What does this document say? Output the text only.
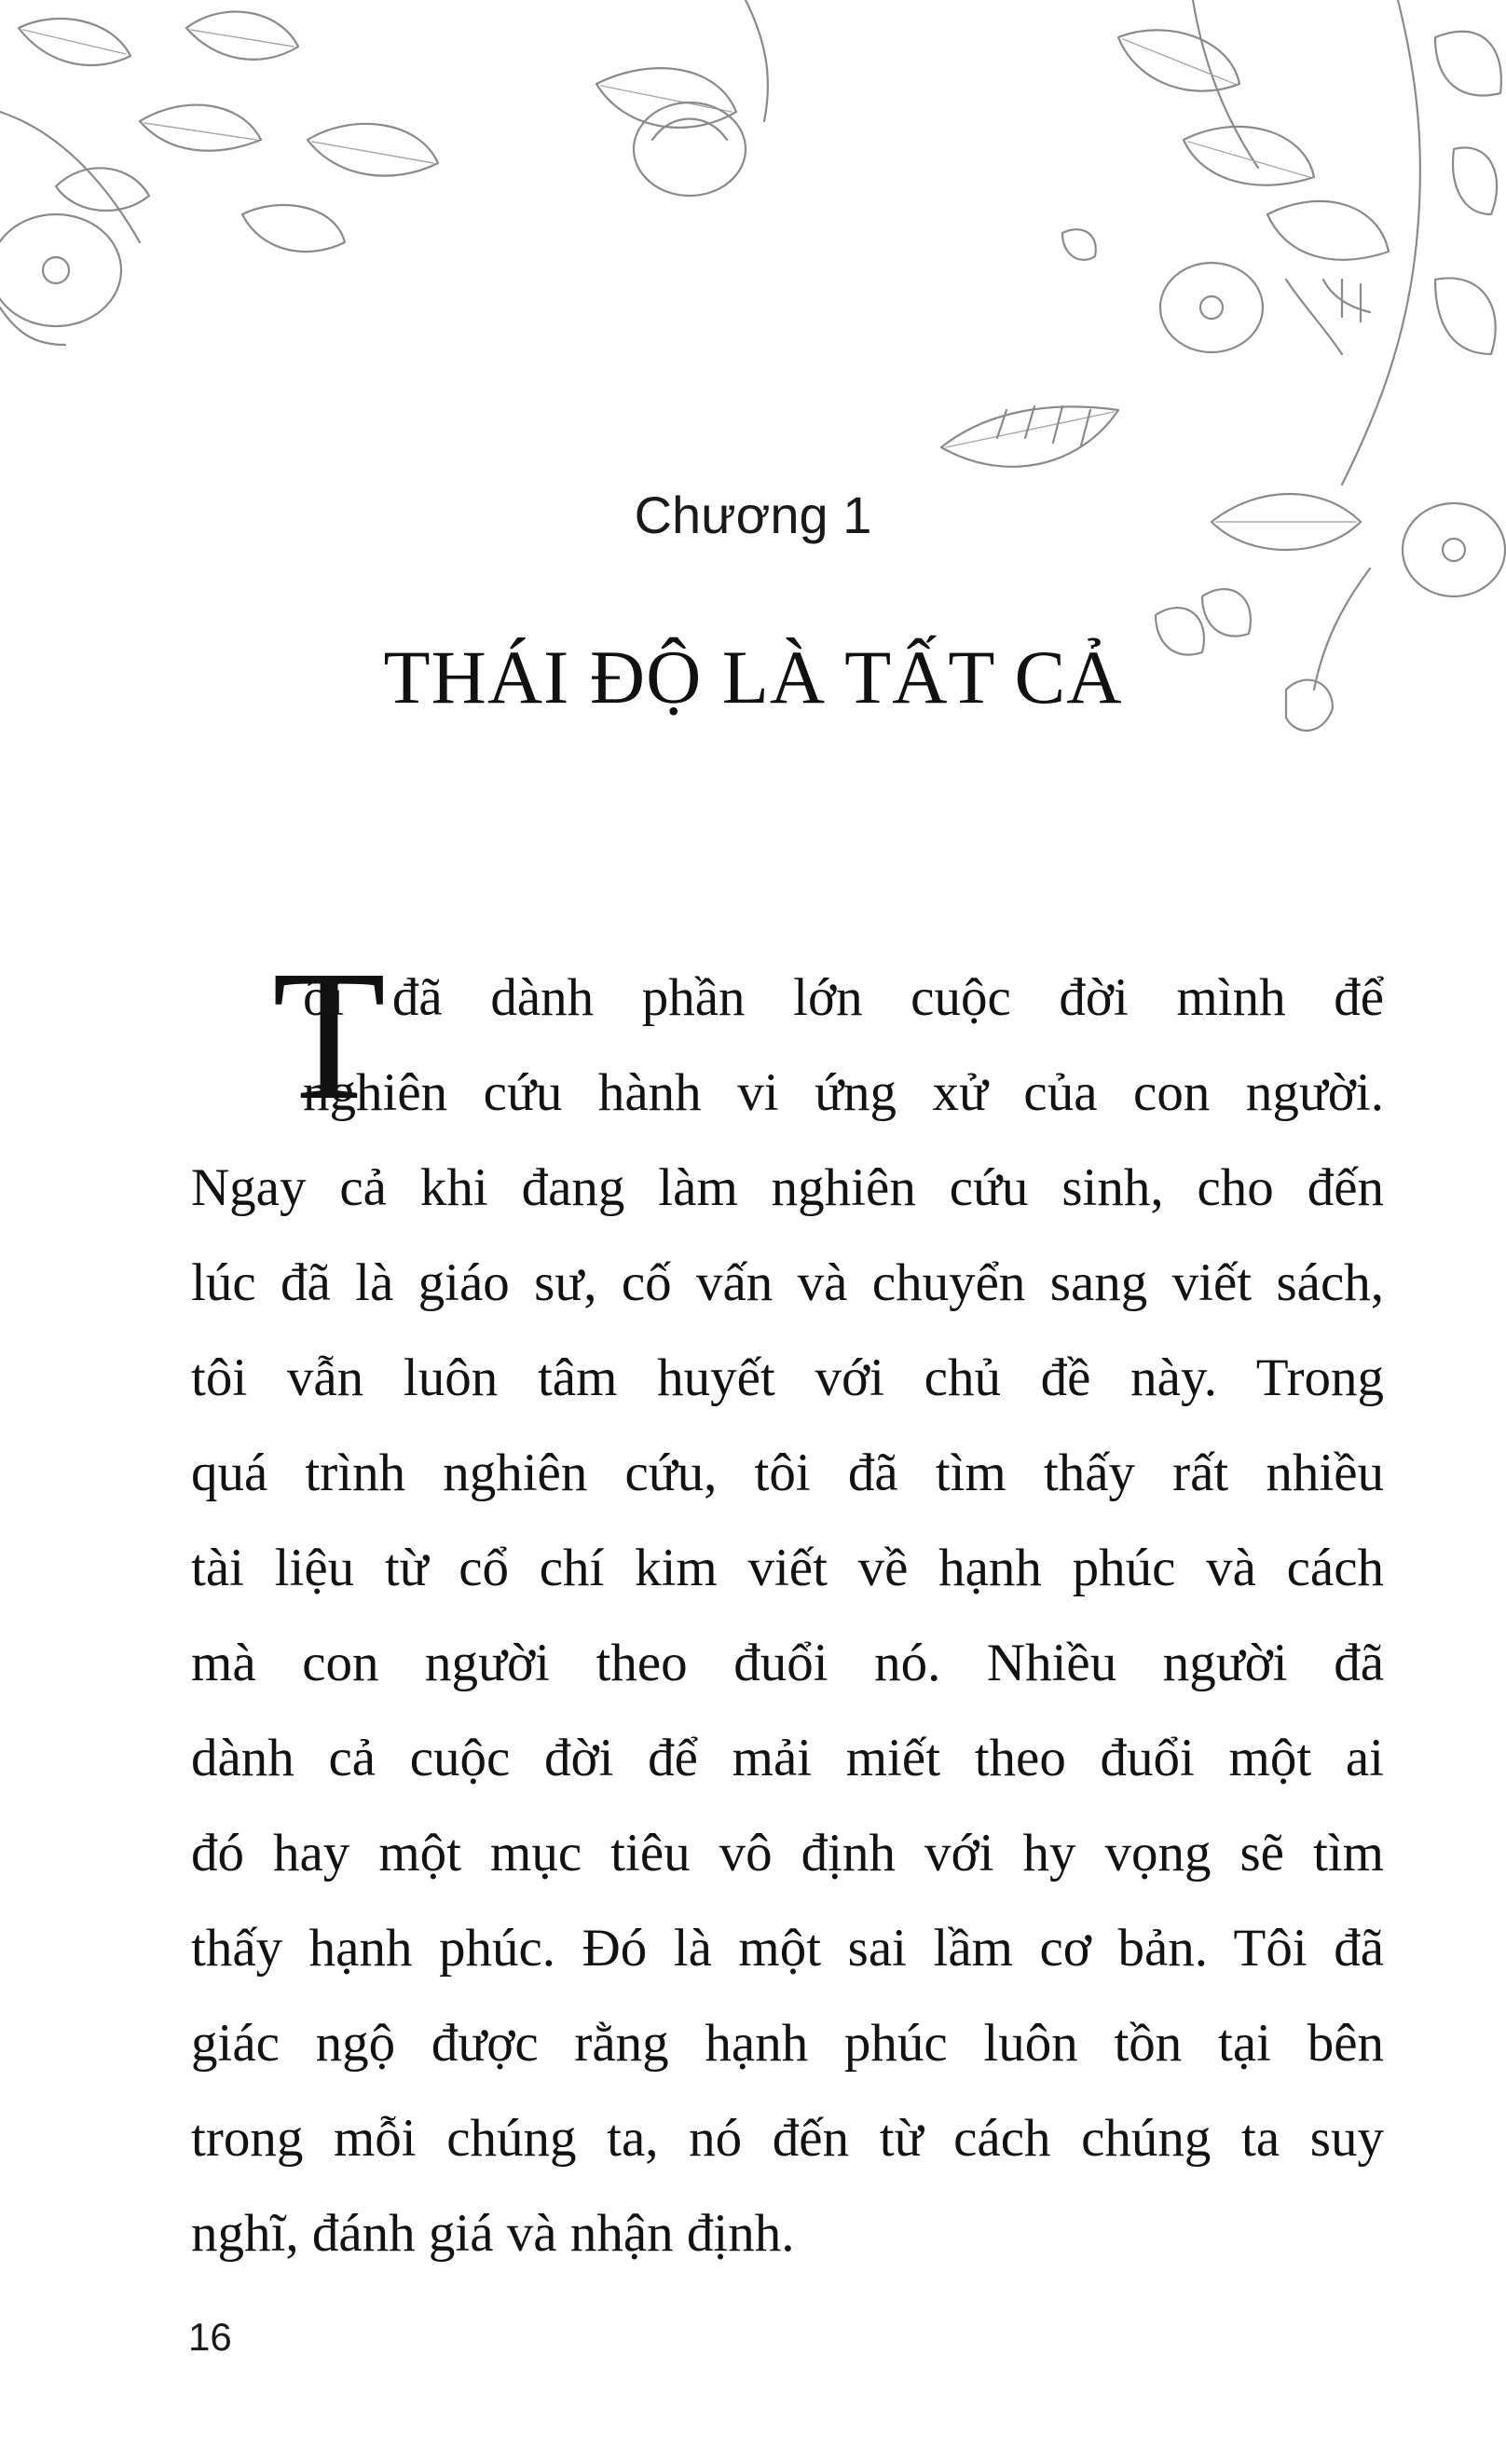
Chương 1
THÁI ĐỘ LÀ TẤT CẢ
T
ôi đã dành phần lớn cuộc đời mình để
nghiên cứu hành vi ứng xử của con người.
Ngay cả khi đang làm nghiên cứu sinh, cho đến
lúc đã là giáo sư, cố vấn và chuyển sang viết sách,
tôi vẫn luôn tâm huyết với chủ đề này. Trong
quá trình nghiên cứu, tôi đã tìm thấy rất nhiều
tài liệu từ cổ chí kim viết về hạnh phúc và cách
mà con người theo đuổi nó. Nhiều người đã
dành cả cuộc đời để mải miết theo đuổi một ai
đó hay một mục tiêu vô định với hy vọng sẽ tìm
thấy hạnh phúc. Đó là một sai lầm cơ bản. Tôi đã
giác ngộ được rằng hạnh phúc luôn tồn tại bên
trong mỗi chúng ta, nó đến từ cách chúng ta suy
nghĩ, đánh giá và nhận định.
16
